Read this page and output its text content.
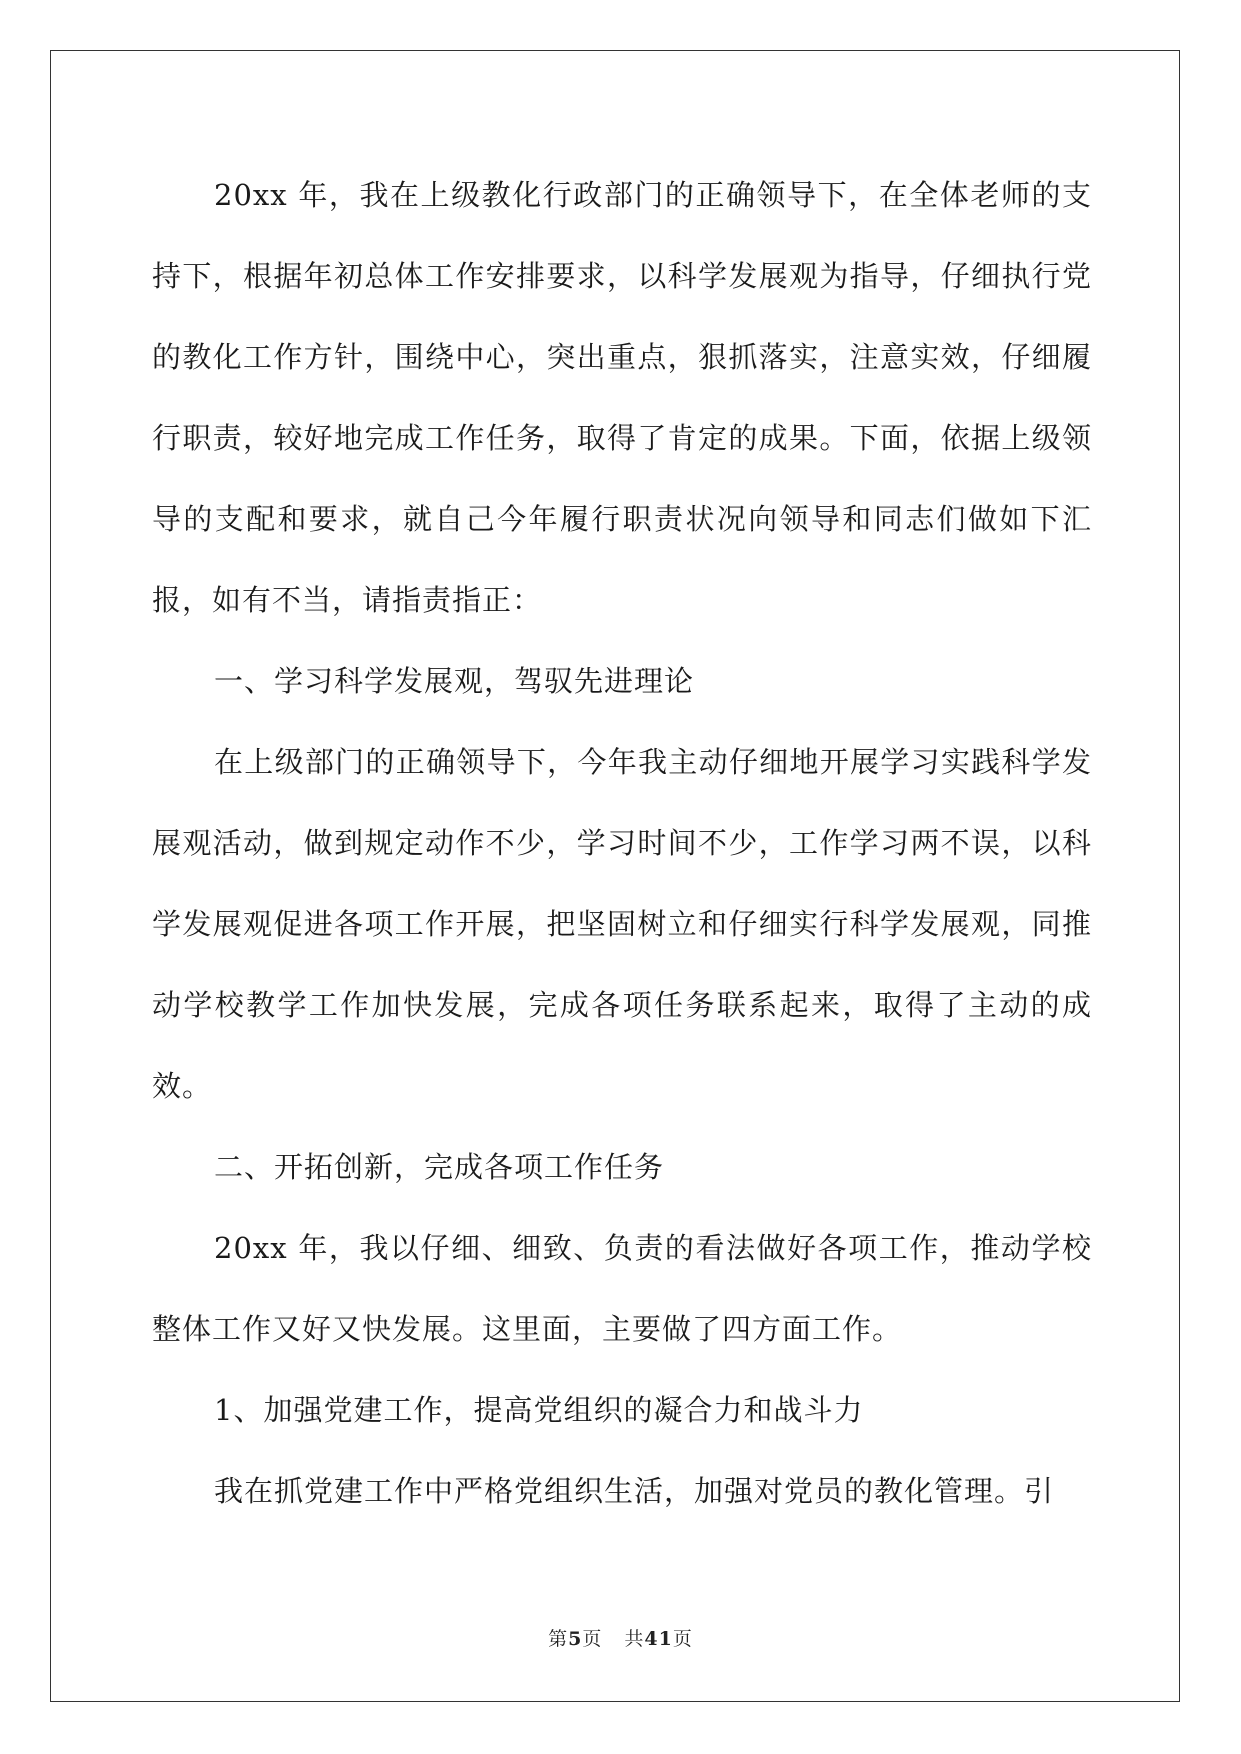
20xx 年，我在上级教化行政部门的正确领导下，在全体老师的支持下，根据年初总体工作安排要求，以科学发展观为指导，仔细执行党的教化工作方针，围绕中心，突出重点，狠抓落实，注意实效，仔细履行职责，较好地完成工作任务，取得了肯定的成果。下面，依据上级领导的支配和要求，就自己今年履行职责状况向领导和同志们做如下汇报，如有不当，请指责指正：

一、学习科学发展观，驾驭先进理论

在上级部门的正确领导下，今年我主动仔细地开展学习实践科学发展观活动，做到规定动作不少，学习时间不少，工作学习两不误，以科学发展观促进各项工作开展，把坚固树立和仔细实行科学发展观，同推动学校教学工作加快发展，完成各项任务联系起来，取得了主动的成效。

二、开拓创新，完成各项工作任务

20xx 年，我以仔细、细致、负责的看法做好各项工作，推动学校整体工作又好又快发展。这里面，主要做了四方面工作。

1、加强党建工作，提高党组织的凝合力和战斗力

我在抓党建工作中严格党组织生活，加强对党员的教化管理。引

第5页 共41页
